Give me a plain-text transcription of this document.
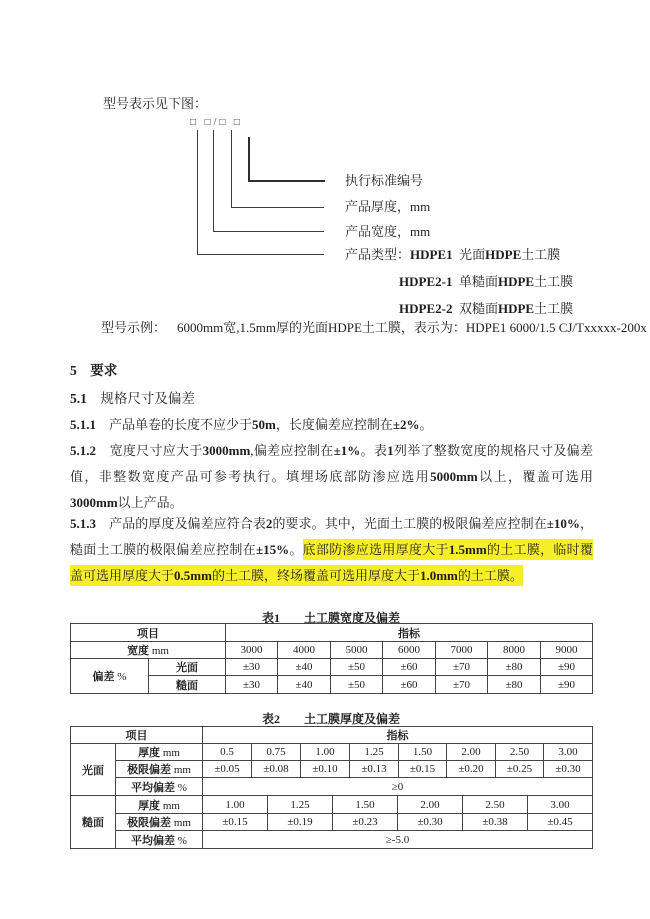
型号表示见下图：
□ □/□ □
执行标准编号
产品厚度，mm
产品宽度，mm
产品类型：HDPE1  光面HDPE土工膜
HDPE2-1  单糙面HDPE土工膜
HDPE2-2  双糙面HDPE土工膜
型号示例： 6000mm宽,1.5mm厚的光面HDPE土工膜，表示为：HDPE1 6000/1.5 CJ/Txxxxx-200x
5　要求
5.1　规格尺寸及偏差
5.1.1　产品单卷的长度不应少于50m，长度偏差应控制在±2%。
5.1.2　宽度尺寸应大于3000mm,偏差应控制在±1%。表1列举了整数宽度的规格尺寸及偏差值，非整数宽度产品可参考执行。填埋场底部防渗应选用5000mm以上，覆盖可选用3000mm以上产品。
5.1.3　产品的厚度及偏差应符合表2的要求。其中，光面土工膜的极限偏差应控制在±10%，糙面土工膜的极限偏差应控制在±15%。底部防渗应选用厚度大于1.5mm的土工膜，临时覆盖可选用厚度大于0.5mm的土工膜，终场覆盖可选用厚度大于1.0mm的土工膜。
表1　　土工膜宽度及偏差
项目		指标						
宽度 mm		3000	4000	5000	6000	7000	8000	9000
偏差 %	光面	±30	±40	±50	±60	±70	±80	±90
	糙面	±30	±40	±50	±60	±70	±80	±90
表2　　土工膜厚度及偏差
项目		指标							
光面	厚度 mm	0.5	0.75	1.00	1.25	1.50	2.00	2.50	3.00
	极限偏差 mm	±0.05	±0.08	±0.10	±0.13	±0.15	±0.20	±0.25	±0.30
	平均偏差 %	≥0							
糙面	厚度 mm	1.00	1.25	1.50	2.00	2.50	3.00
	极限偏差 mm	±0.15	±0.19	±0.23	±0.30	±0.38	±0.45
	平均偏差 %	≥-5.0					
